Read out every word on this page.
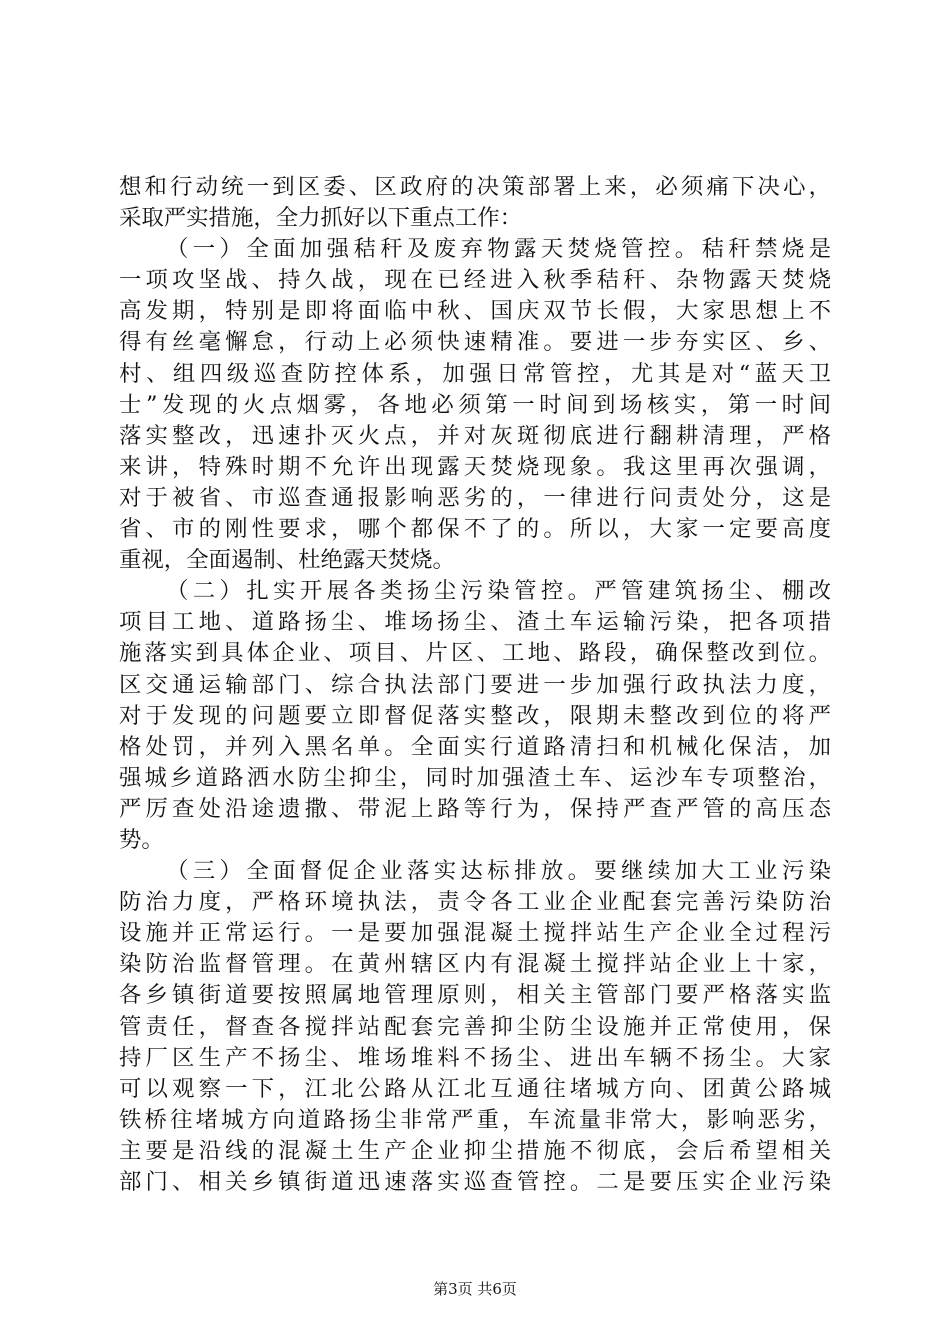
想和行动统一到区委、区政府的决策部署上来，必须痛下决心，
采取严实措施，全力抓好以下重点工作：
（一）全面加强秸秆及废弃物露天焚烧管控。秸秆禁烧是
一项攻坚战、持久战，现在已经进入秋季秸秆、杂物露天焚烧
高发期，特别是即将面临中秋、国庆双节长假，大家思想上不
得有丝毫懈怠，行动上必须快速精准。要进一步夯实区、乡、
村、组四级巡查防控体系，加强日常管控，尤其是对“蓝天卫
士”发现的火点烟雾，各地必须第一时间到场核实，第一时间
落实整改，迅速扑灭火点，并对灰斑彻底进行翻耕清理，严格
来讲，特殊时期不允许出现露天焚烧现象。我这里再次强调，
对于被省、市巡查通报影响恶劣的，一律进行问责处分，这是
省、市的刚性要求，哪个都保不了的。所以，大家一定要高度
重视，全面遏制、杜绝露天焚烧。
（二）扎实开展各类扬尘污染管控。严管建筑扬尘、棚改
项目工地、道路扬尘、堆场扬尘、渣土车运输污染，把各项措
施落实到具体企业、项目、片区、工地、路段，确保整改到位。
区交通运输部门、综合执法部门要进一步加强行政执法力度，
对于发现的问题要立即督促落实整改，限期未整改到位的将严
格处罚，并列入黑名单。全面实行道路清扫和机械化保洁，加
强城乡道路洒水防尘抑尘，同时加强渣土车、运沙车专项整治，
严厉查处沿途遗撒、带泥上路等行为，保持严查严管的高压态
势。
（三）全面督促企业落实达标排放。要继续加大工业污染
防治力度，严格环境执法，责令各工业企业配套完善污染防治
设施并正常运行。一是要加强混凝土搅拌站生产企业全过程污
染防治监督管理。在黄州辖区内有混凝土搅拌站企业上十家，
各乡镇街道要按照属地管理原则，相关主管部门要严格落实监
管责任，督查各搅拌站配套完善抑尘防尘设施并正常使用，保
持厂区生产不扬尘、堆场堆料不扬尘、进出车辆不扬尘。大家
可以观察一下，江北公路从江北互通往堵城方向、团黄公路城
铁桥往堵城方向道路扬尘非常严重，车流量非常大，影响恶劣，
主要是沿线的混凝土生产企业抑尘措施不彻底，会后希望相关
部门、相关乡镇街道迅速落实巡查管控。二是要压实企业污染
第3页 共6页
